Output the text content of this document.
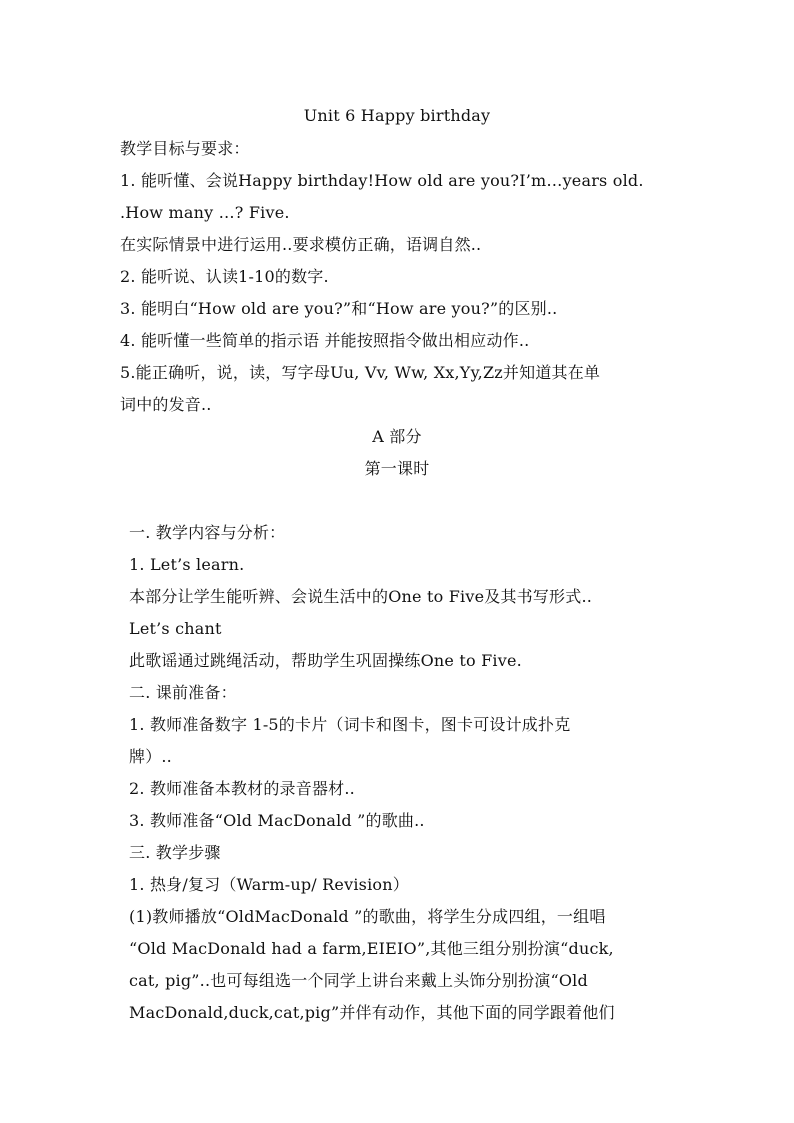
Unit 6 Happy birthday
教学目标与要求：
1. 能听懂、会说Happy birthday!How old are you?I’m…years old.
.How many …? Five.
在实际情景中进行运用..要求模仿正确，语调自然..
2. 能听说、认读1-10的数字.
3. 能明白“How old are you?”和“How are you?”的区别..
4. 能听懂一些简单的指示语 并能按照指令做出相应动作..
5.能正确听，说，读，写字母Uu, Vv, Ww, Xx,Yy,Zz并知道其在单
词中的发音..
A 部分
第一课时
一. 教学内容与分析：
1. Let’s learn.
本部分让学生能听辨、会说生活中的One to Five及其书写形式..
Let’s chant
此歌谣通过跳绳活动，帮助学生巩固操练One to Five.
二. 课前准备：
1. 教师准备数字 1-5的卡片（词卡和图卡，图卡可设计成扑克
牌）..
2. 教师准备本教材的录音器材..
3. 教师准备“Old MacDonald ”的歌曲..
三. 教学步骤
1. 热身/复习（Warm-up/ Revision）
(1)教师播放“OldMacDonald ”的歌曲，将学生分成四组，一组唱
“Old MacDonald had a farm,EIEIO”,其他三组分别扮演“duck,
cat, pig”..也可每组选一个同学上讲台来戴上头饰分别扮演“Old
MacDonald,duck,cat,pig”并伴有动作，其他下面的同学跟着他们
